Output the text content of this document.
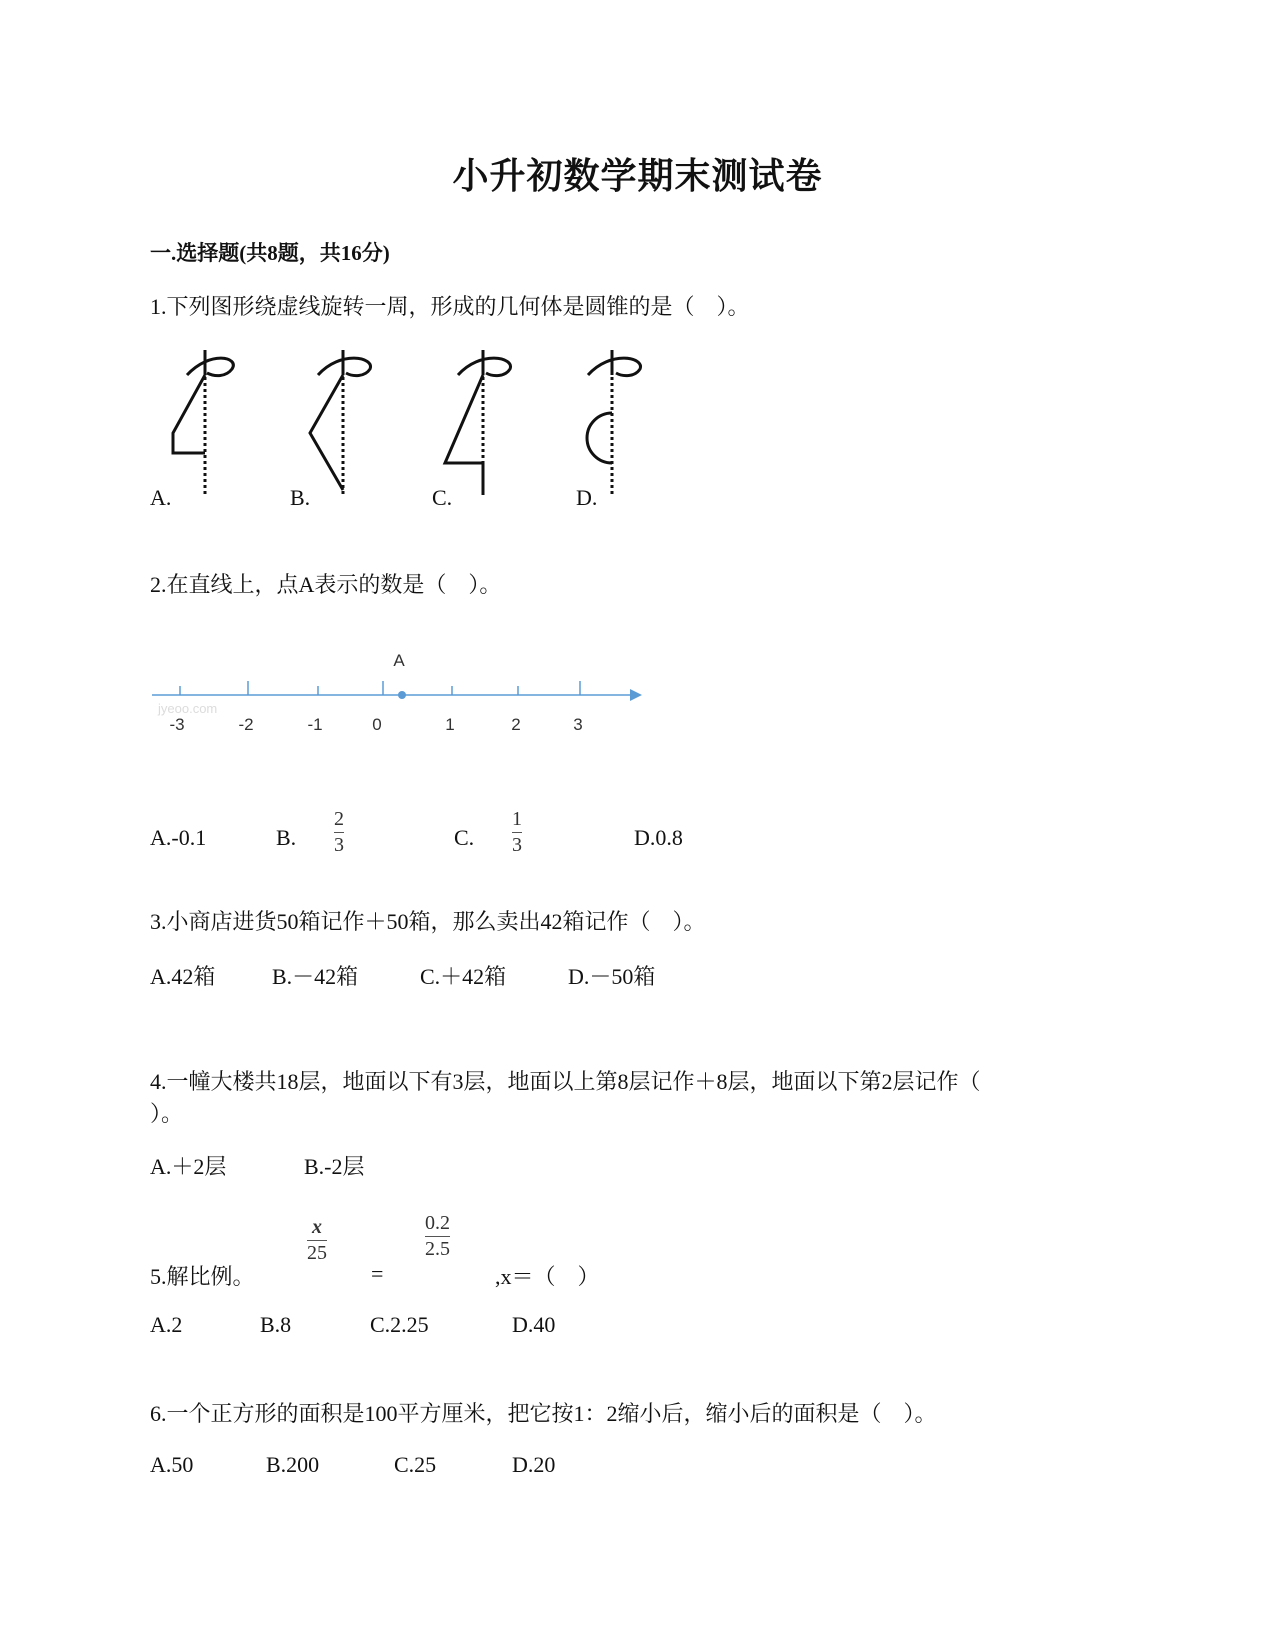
小升初数学期末测试卷
一.选择题(共8题，共16分)
1.下列图形绕虚线旋转一周，形成的几何体是圆锥的是（　）。
A.	B.	C.	D.
2.在直线上，点A表示的数是（　）。
A
-3	-2	-1	0	1	2	3
jyeoo.com
A.-0.1	B.
2
3	C.
1
3	D.0.8
3.小商店进货50箱记作＋50箱，那么卖出42箱记作（　）。
A.42箱	B.－42箱	C.＋42箱	D.－50箱
4.一幢大楼共18层，地面以下有3层，地面以上第8层记作＋8层，地面以下第2层记作（
）。
A.＋2层	B.-2层
5.解比例。
x
25
=
0.2
2.5
,x＝（　）
A.2	B.8	C.2.25	D.40
6.一个正方形的面积是100平方厘米，把它按1：2缩小后，缩小后的面积是（　）。
A.50	B.200	C.25	D.20
